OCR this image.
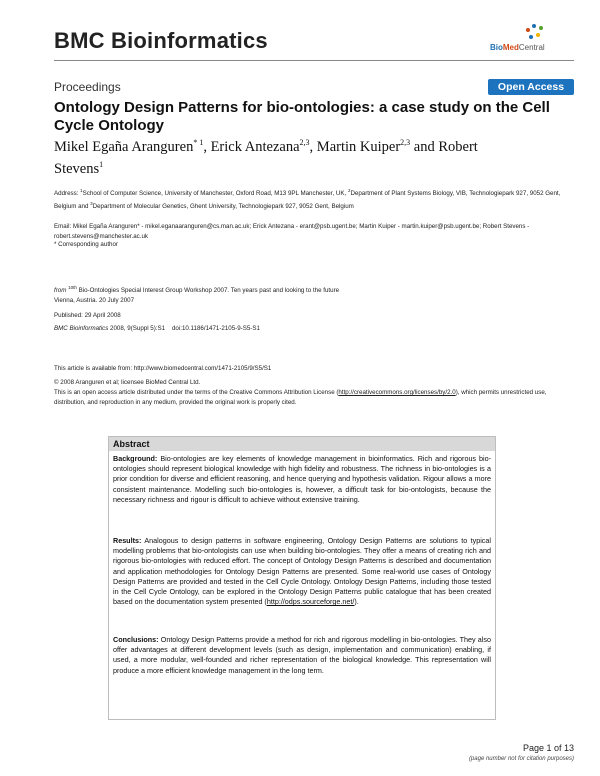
BMC Bioinformatics	BioMedCentral
Proceedings	Open Access
Ontology Design Patterns for bio-ontologies: a case study on the Cell Cycle Ontology
Mikel Egaña Aranguren$^{* 1}$, Erick Antezana$^{2,3}$, Martin Kuiper$^{2,3}$ and Robert Stevens$^1$
Address: $^1$School of Computer Science, University of Manchester, Oxford Road, M13 9PL Manchester, UK, $^2$Department of Plant Systems Biology, VIB, Technologiepark 927, 9052 Gent, Belgium and $^3$Department of Molecular Genetics, Ghent University, Technologiepark 927, 9052 Gent, Belgium
Email: Mikel Egaña Aranguren* - mikel.eganaaranguren@cs.man.ac.uk; Erick Antezana - erant@psb.ugent.be; Martin Kuiper - martin.kuiper@psb.ugent.be; Robert Stevens - robert.stevens@manchester.ac.uk
* Corresponding author
from $^{10th}$ Bio-Ontologies Special Interest Group Workshop 2007. Ten years past and looking to the future
Vienna, Austria. 20 July 2007
Published: 29 April 2008
BMC Bioinformatics 2008, 9(Suppl 5):S1 doi:10.1186/1471-2105-9-S5-S1
This article is available from: http://www.biomedcentral.com/1471-2105/9/S5/S1
© 2008 Aranguren et al; licensee BioMed Central Ltd.
This is an open access article distributed under the terms of the Creative Commons Attribution License (http://creativecommons.org/licenses/by/2.0), which permits unrestricted use, distribution, and reproduction in any medium, provided the original work is properly cited.
Abstract
Background: Bio-ontologies are key elements of knowledge management in bioinformatics. Rich and rigorous bio-ontologies should represent biological knowledge with high fidelity and robustness. The richness in bio-ontologies is a prior condition for diverse and efficient reasoning, and hence querying and hypothesis validation. Rigour allows a more consistent maintenance. Modelling such bio-ontologies is, however, a difficult task for bio-ontologists, because the necessary richness and rigour is difficult to achieve without extensive training.
Results: Analogous to design patterns in software engineering, Ontology Design Patterns are solutions to typical modelling problems that bio-ontologists can use when building bio-ontologies. They offer a means of creating rich and rigorous bio-ontologies with reduced effort. The concept of Ontology Design Patterns is described and documentation and application methodologies for Ontology Design Patterns are presented. Some real-world use cases of Ontology Design Patterns are provided and tested in the Cell Cycle Ontology. Ontology Design Patterns, including those tested in the Cell Cycle Ontology, can be explored in the Ontology Design Patterns public catalogue that has been created based on the documentation system presented (http://odps.sourceforge.net/).
Conclusions: Ontology Design Patterns provide a method for rich and rigorous modelling in bio-ontologies. They also offer advantages at different development levels (such as design, implementation and communication) enabling, if used, a more modular, well-founded and richer representation of the biological knowledge. This representation will produce a more efficient knowledge management in the long term.
Page 1 of 13
(page number not for citation purposes)
